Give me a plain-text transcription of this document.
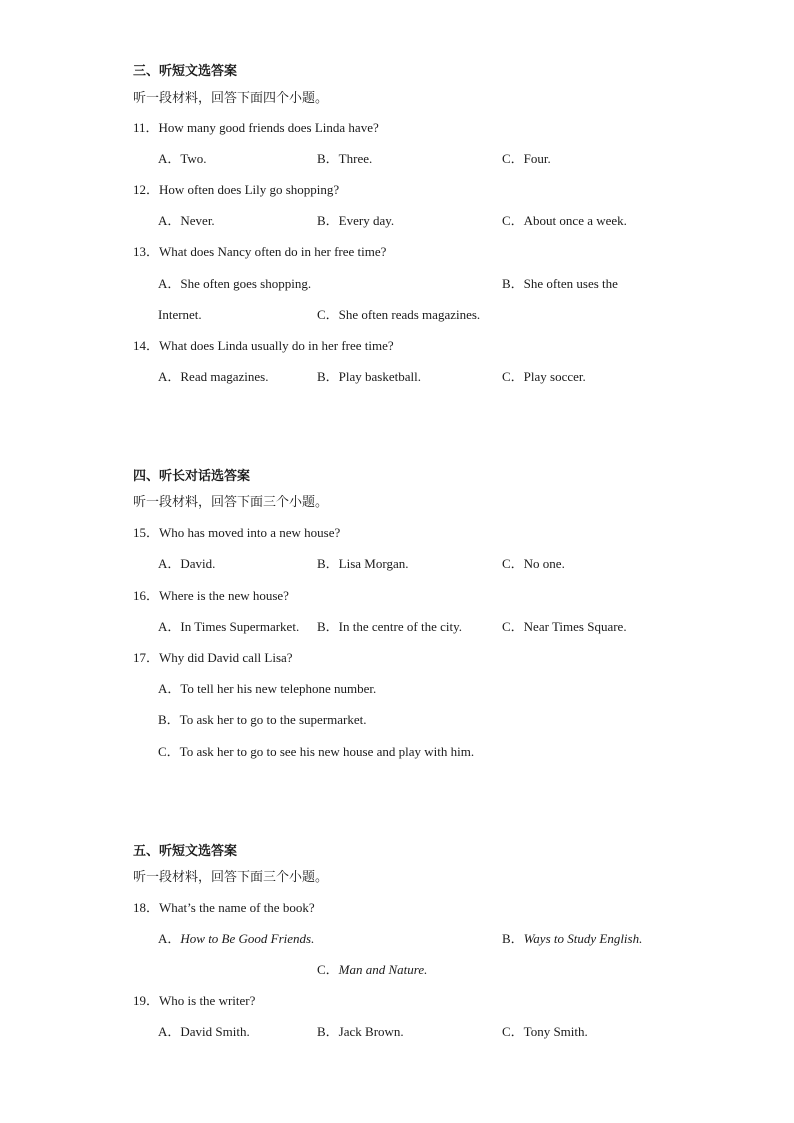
三、听短文选答案
听一段材料，回答下面四个小题。
11．How many good friends does Linda have?
A．Two.	B．Three.	C．Four.
12．How often does Lily go shopping?
A．Never.	B．Every day.	C．About once a week.
13．What does Nancy often do in her free time?
A．She often goes shopping.	B．She often uses the
Internet.	C．She often reads magazines.
14．What does Linda usually do in her free time?
A．Read magazines.	B．Play basketball.	C．Play soccer.
四、听长对话选答案
听一段材料，回答下面三个小题。
15．Who has moved into a new house?
A．David.	B．Lisa Morgan.	C．No one.
16．Where is the new house?
A．In Times Supermarket. B．In the centre of the city.	C．Near Times Square.
17．Why did David call Lisa?
A．To tell her his new telephone number.
B．To ask her to go to the supermarket.
C．To ask her to go to see his new house and play with him.
五、听短文选答案
听一段材料，回答下面三个小题。
18．What’s the name of the book?
A．How to Be Good Friends.	B．Ways to Study English.
C．Man and Nature.
19．Who is the writer?
A．David Smith.	B．Jack Brown.	C．Tony Smith.
